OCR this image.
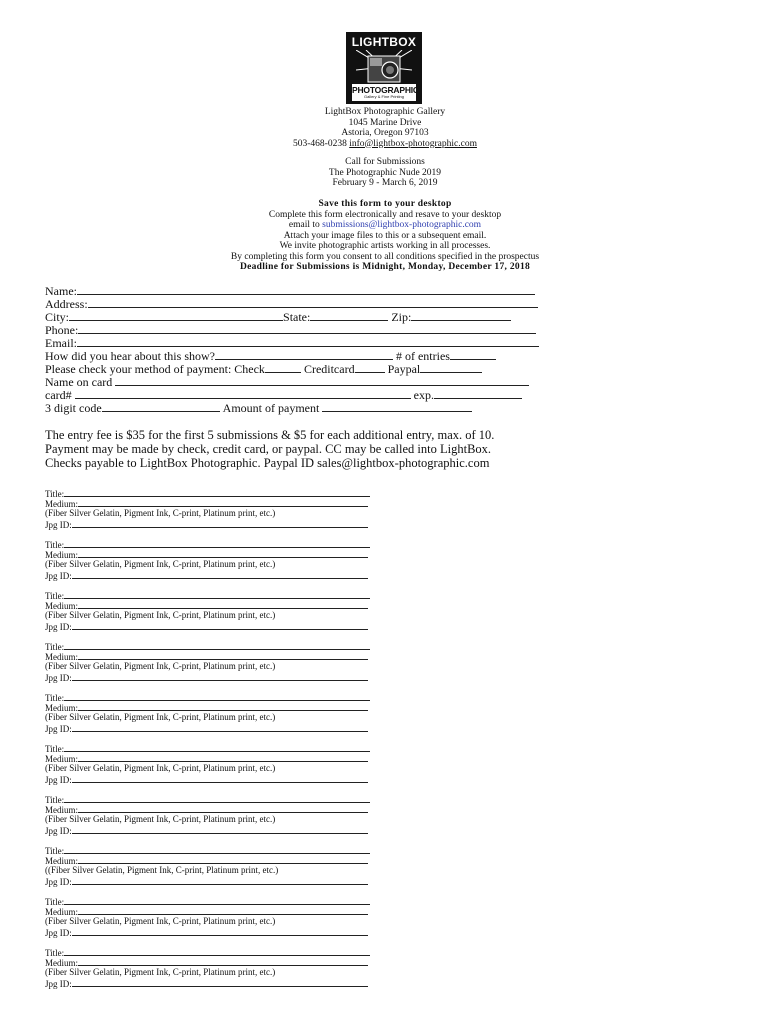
LIGHTBOX
PHOTOGRAPHIC
Gallery & Fine Printing
LightBox Photographic Gallery
1045 Marine Drive
Astoria, Oregon 97103
503-468-0238 info@lightbox-photographic.com
Call for Submissions
The Photographic Nude 2019
February 9 - March 6, 2019
Save this form to your desktop
Complete this form electronically and resave to your desktop
email to submissions@lightbox-photographic.com
Attach your image files to this or a subsequent email.
We invite photographic artists working in all processes.
By completing this form you consent to all conditions specified in the prospectus
Deadline for Submissions is Midnight, Monday, December 17, 2018
Name:
Address:
City:	State:	Zip:
Phone:
Email:
How did you hear about this show?	# of entries
Please check your method of payment: Check	Creditcard	Paypal
Name on card
card#	exp.
3 digit code	Amount of payment
The entry fee is $35 for the first 5 submissions & $5 for each additional entry, max. of 10.
Payment may be made by check, credit card, or paypal. CC may be called into LightBox.
Checks payable to LightBox Photographic. Paypal ID sales@lightbox-photographic.com
Title:
Medium:
(Fiber Silver Gelatin, Pigment Ink, C-print, Platinum print, etc.)
Jpg ID:
Title:
Medium:
(Fiber Silver Gelatin, Pigment Ink, C-print, Platinum print, etc.)
Jpg ID:
Title:
Medium:
(Fiber Silver Gelatin, Pigment Ink, C-print, Platinum print, etc.)
Jpg ID:
Title:
Medium:
(Fiber Silver Gelatin, Pigment Ink, C-print, Platinum print, etc.)
Jpg ID:
Title:
Medium:
(Fiber Silver Gelatin, Pigment Ink, C-print, Platinum print, etc.)
Jpg ID:
Title:
Medium:
(Fiber Silver Gelatin, Pigment Ink, C-print, Platinum print, etc.)
Jpg ID:
Title:
Medium:
(Fiber Silver Gelatin, Pigment Ink, C-print, Platinum print, etc.)
Jpg ID:
Title:
Medium:
((Fiber Silver Gelatin, Pigment Ink, C-print, Platinum print, etc.)
Jpg ID:
Title:
Medium:
(Fiber Silver Gelatin, Pigment Ink, C-print, Platinum print, etc.)
Jpg ID:
Title:
Medium:
(Fiber Silver Gelatin, Pigment Ink, C-print, Platinum print, etc.)
Jpg ID:
